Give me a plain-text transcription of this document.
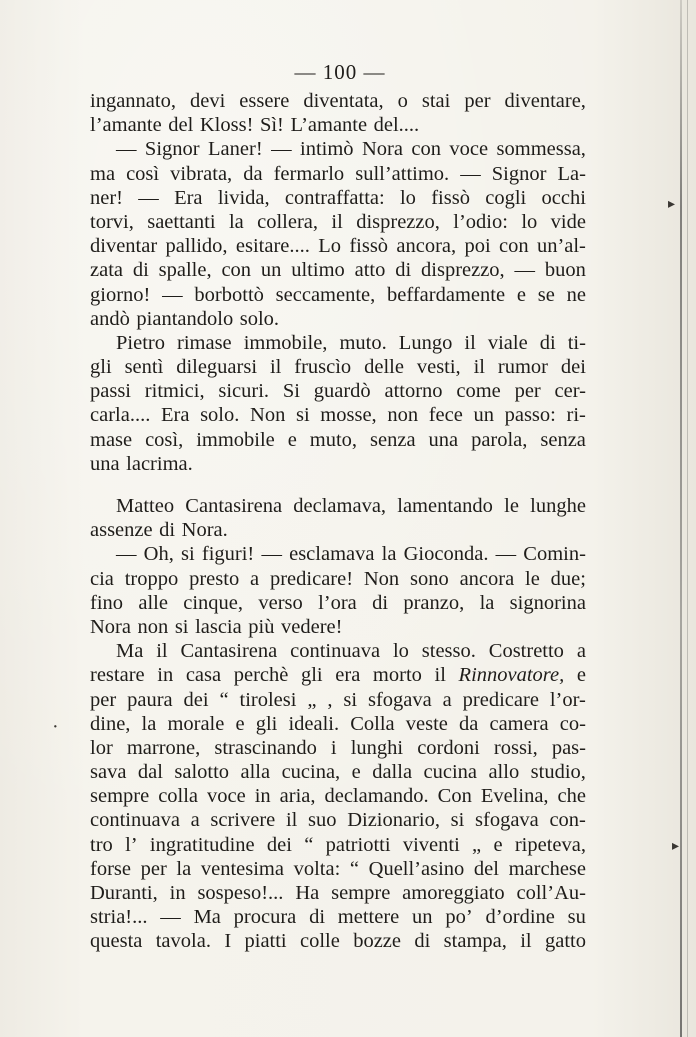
— 100 —
ingannato, devi essere diventata, o stai per diventare,
l’amante del Kloss! Sì! L’amante del....
— Signor Laner! — intimò Nora con voce sommessa,
ma così vibrata, da fermarlo sull’attimo. — Signor La-
ner! — Era livida, contraffatta: lo fissò cogli occhi
torvi, saettanti la collera, il disprezzo, l’odio: lo vide
diventar pallido, esitare.... Lo fissò ancora, poi con un’al-
zata di spalle, con un ultimo atto di disprezzo, — buon
giorno! — borbottò seccamente, beffardamente e se ne
andò piantandolo solo.
Pietro rimase immobile, muto. Lungo il viale di ti-
gli sentì dileguarsi il fruscìo delle vesti, il rumor dei
passi ritmici, sicuri. Si guardò attorno come per cer-
carla.... Era solo. Non si mosse, non fece un passo: ri-
mase così, immobile e muto, senza una parola, senza
una lacrima.
Matteo Cantasirena declamava, lamentando le lunghe
assenze di Nora.
— Oh, si figuri! — esclamava la Gioconda. — Comin-
cia troppo presto a predicare! Non sono ancora le due;
fino alle cinque, verso l’ora di pranzo, la signorina
Nora non si lascia più vedere!
Ma il Cantasirena continuava lo stesso. Costretto a
restare in casa perchè gli era morto il Rinnovatore, e
per paura dei “ tirolesi „ , si sfogava a predicare l’or-
dine, la morale e gli ideali. Colla veste da camera co-
lor marrone, strascinando i lunghi cordoni rossi, pas-
sava dal salotto alla cucina, e dalla cucina allo studio,
sempre colla voce in aria, declamando. Con Evelina, che
continuava a scrivere il suo Dizionario, si sfogava con-
tro l’ ingratitudine dei “ patriotti viventi „ e ripeteva,
forse per la ventesima volta: “ Quell’asino del marchese
Duranti, in sospeso!... Ha sempre amoreggiato coll’Au-
stria!... — Ma procura di mettere un po’ d’ordine su
questa tavola. I piatti colle bozze di stampa, il gatto
▸
·
▸
